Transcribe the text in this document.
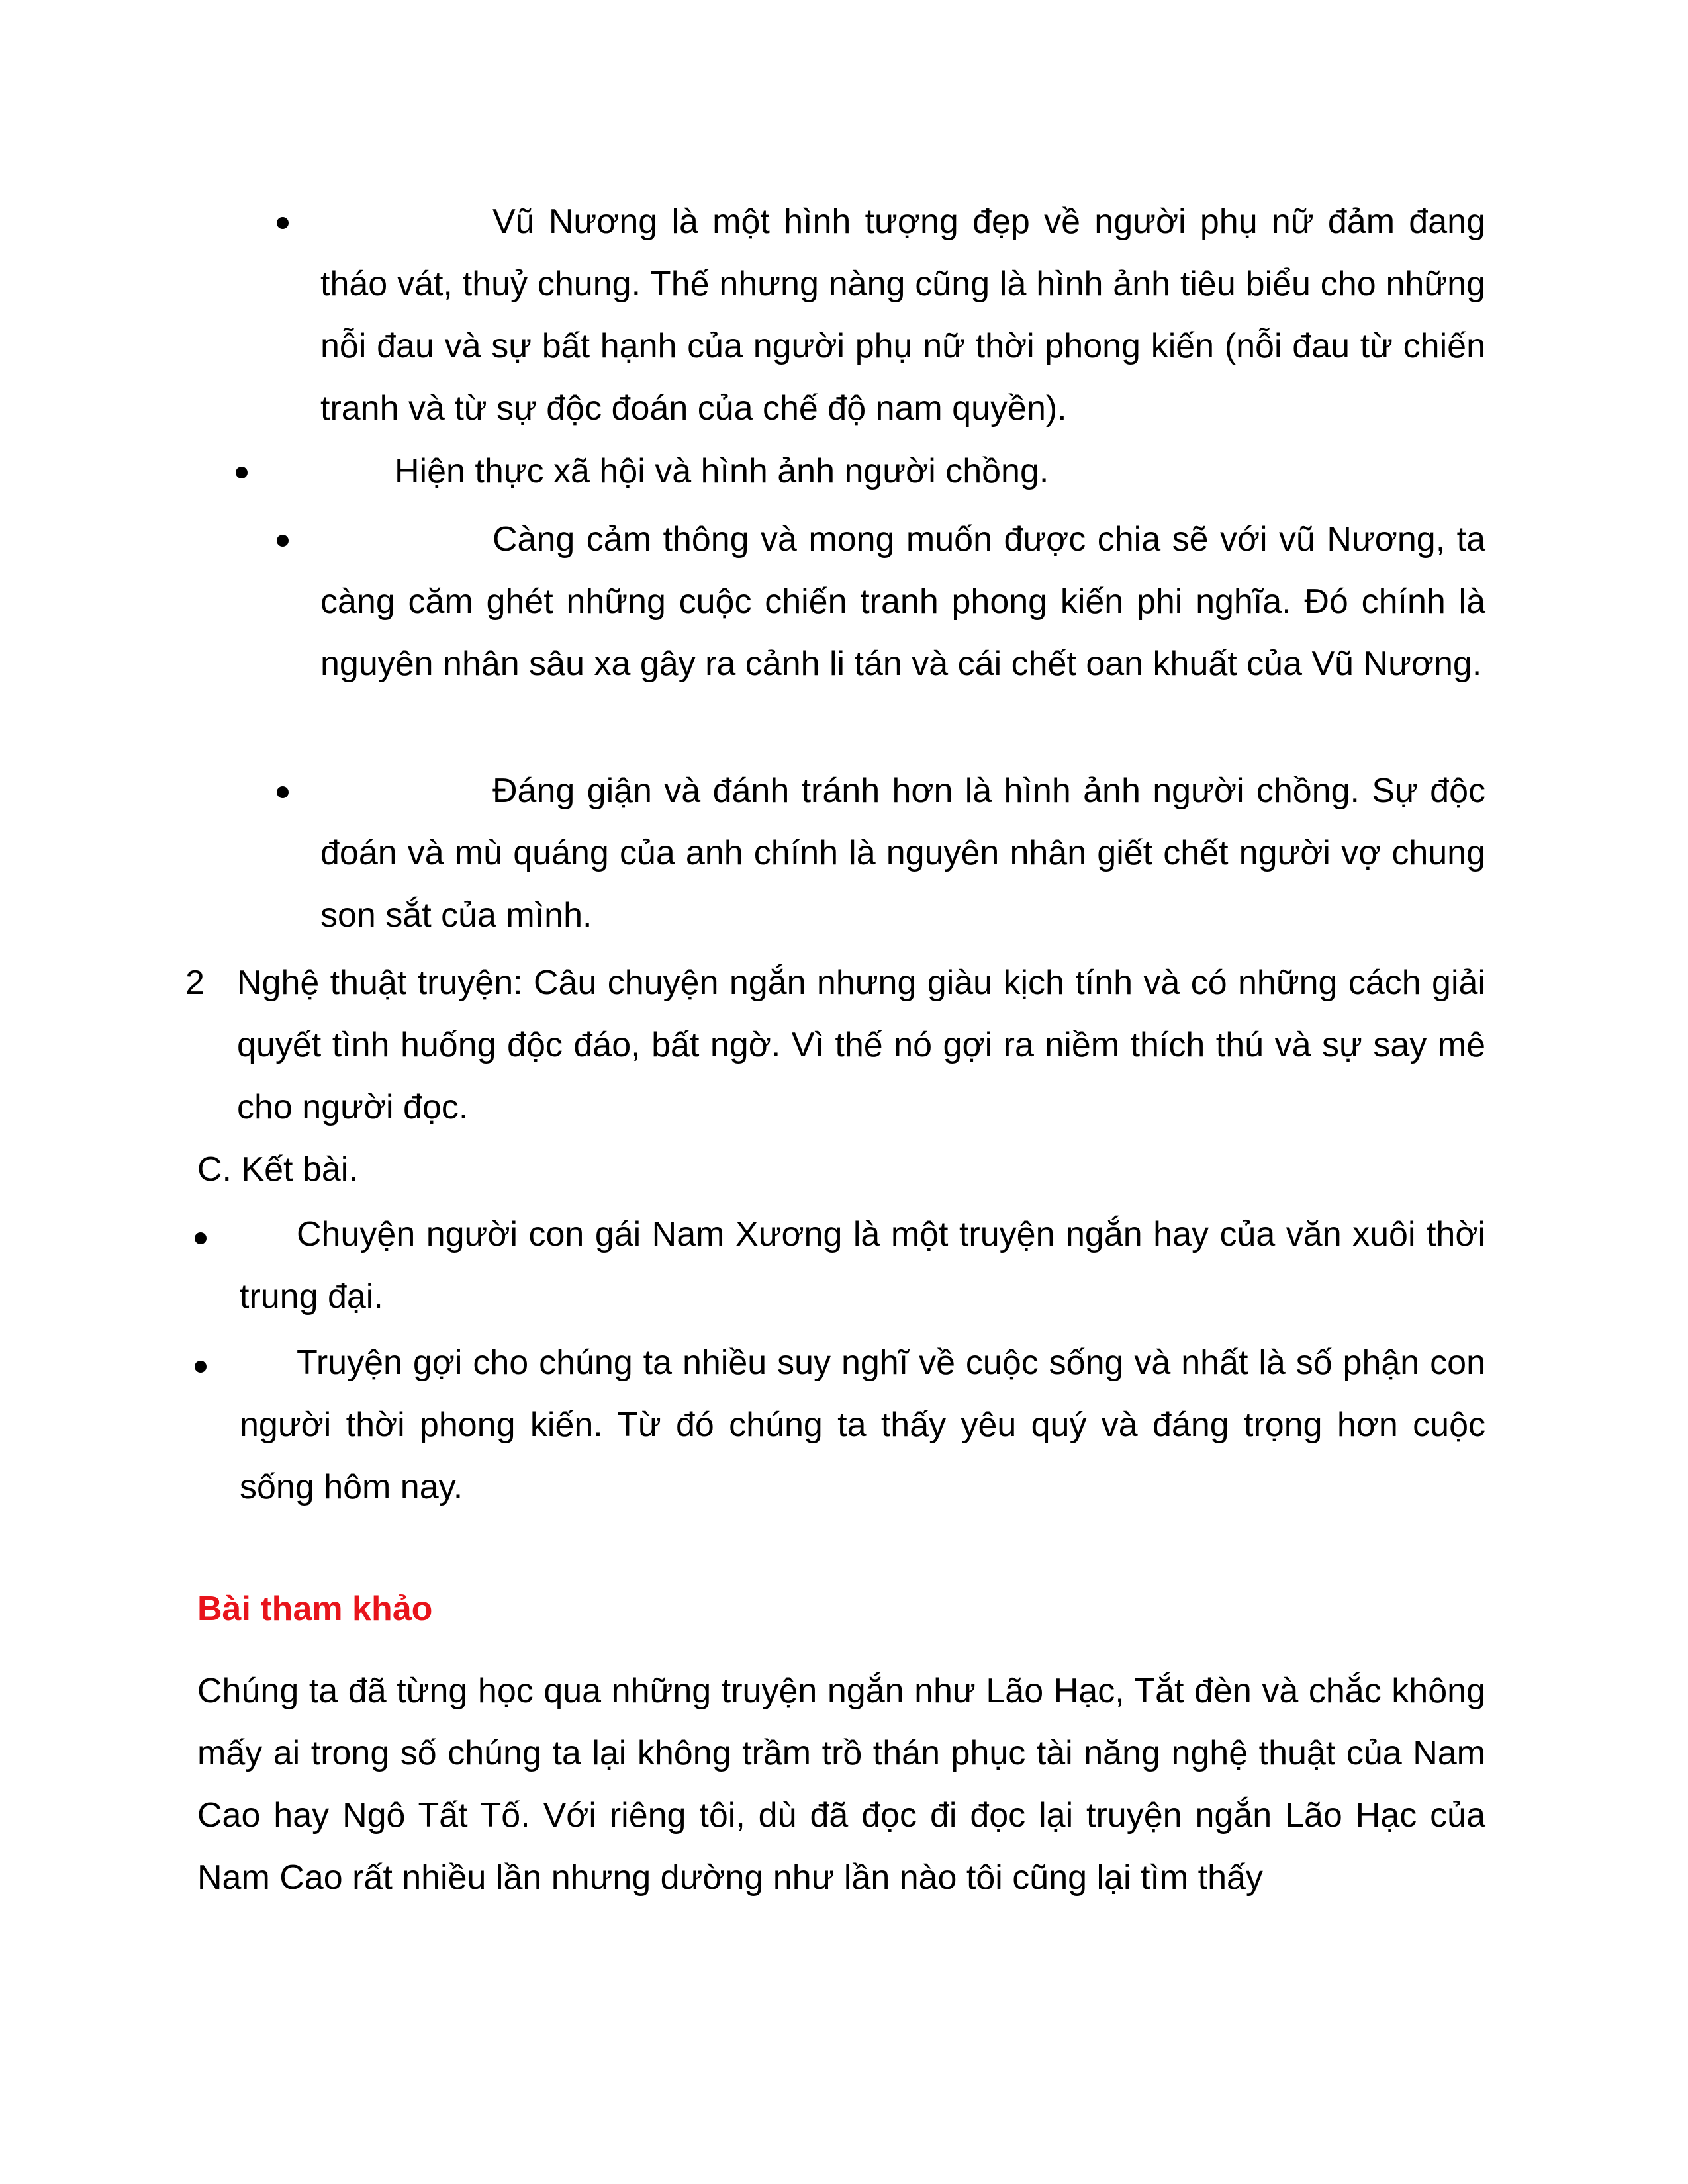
Vũ Nương là một hình tượng đẹp về người phụ nữ đảm đang tháo vát, thuỷ chung. Thế nhưng nàng cũng là hình ảnh tiêu biểu cho những nỗi đau và sự bất hạnh của người phụ nữ thời phong kiến (nỗi đau từ chiến tranh và từ sự độc đoán của chế độ nam quyền).

Hiện thực xã hội và hình ảnh người chồng.

Càng cảm thông và mong muốn được chia sẽ với vũ Nương, ta càng căm ghét những cuộc chiến tranh phong kiến phi nghĩa. Đó chính là nguyên nhân sâu xa gây ra cảnh li tán và cái chết oan khuất của Vũ Nương.

Đáng giận và đánh tránh hơn là hình ảnh người chồng. Sự độc đoán và mù quáng của anh chính là nguyên nhân giết chết người vợ chung son sắt của mình.

2 Nghệ thuật truyện: Câu chuyện ngắn nhưng giàu kịch tính và có những cách giải quyết tình huống độc đáo, bất ngờ. Vì thế nó gợi ra niềm thích thú và sự say mê cho người đọc.

C. Kết bài.

Chuyện người con gái Nam Xương là một truyện ngắn hay của văn xuôi thời trung đại.

Truyện gợi cho chúng ta nhiều suy nghĩ về cuộc sống và nhất là số phận con người thời phong kiến. Từ đó chúng ta thấy yêu quý và đáng trọng hơn cuộc sống hôm nay.

Bài tham khảo

Chúng ta đã từng học qua những truyện ngắn như Lão Hạc, Tắt đèn và chắc không mấy ai trong số chúng ta lại không trầm trồ thán phục tài năng nghệ thuật của Nam Cao hay Ngô Tất Tố. Với riêng tôi, dù đã đọc đi đọc lại truyện ngắn Lão Hạc của Nam Cao rất nhiều lần nhưng dường như lần nào tôi cũng lại tìm thấy
